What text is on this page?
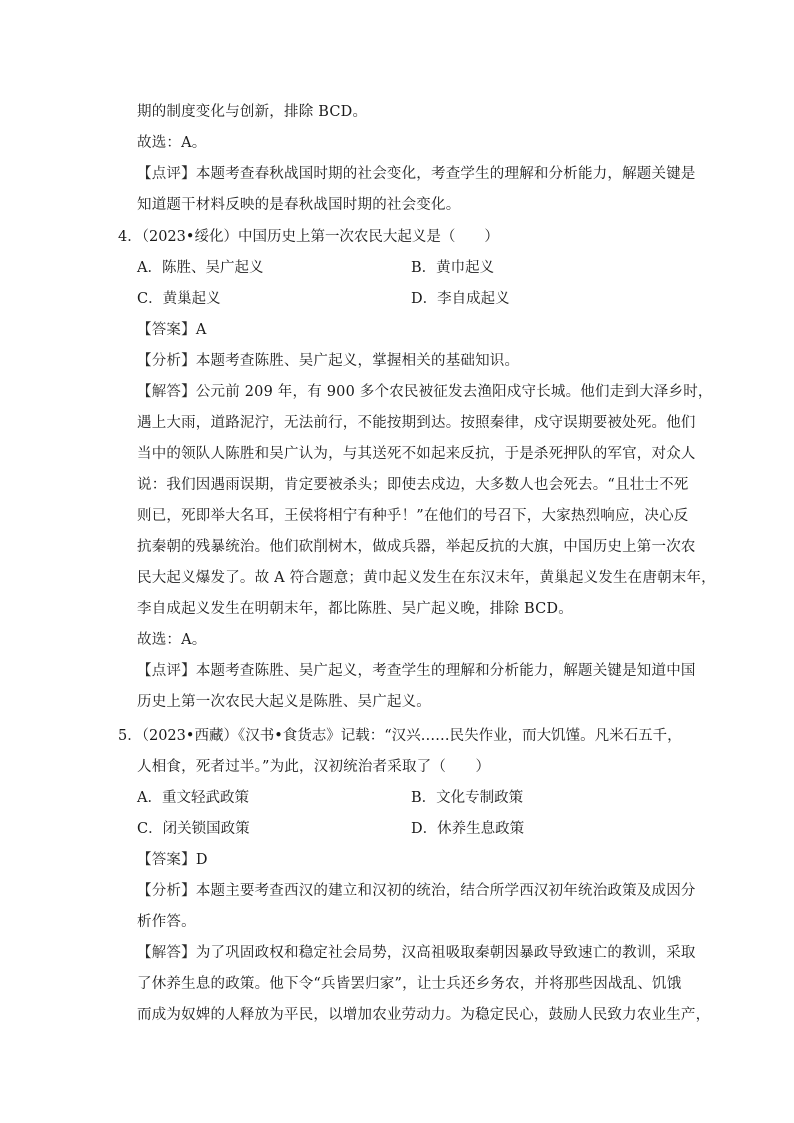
期的制度变化与创新，排除 BCD。
故选：A。
【点评】本题考查春秋战国时期的社会变化，考查学生的理解和分析能力，解题关键是
知道题干材料反映的是春秋战国时期的社会变化。
4．（2023•绥化）中国历史上第一次农民大起义是（　　）
A．陈胜、吴广起义	B．黄巾起义
C．黄巢起义	D．李自成起义
【答案】A
【分析】本题考查陈胜、吴广起义，掌握相关的基础知识。
【解答】公元前 209 年，有 900 多个农民被征发去渔阳戍守长城。他们走到大泽乡时，
遇上大雨，道路泥泞，无法前行，不能按期到达。按照秦律，戍守误期要被处死。他们
当中的领队人陈胜和吴广认为，与其送死不如起来反抗，于是杀死押队的军官，对众人
说：我们因遇雨误期，肯定要被杀头；即使去戍边，大多数人也会死去。“且壮士不死
则已，死即举大名耳，王侯将相宁有种乎！”在他们的号召下，大家热烈响应，决心反
抗秦朝的残暴统治。他们砍削树木，做成兵器，举起反抗的大旗，中国历史上第一次农
民大起义爆发了。故 A 符合题意；黄巾起义发生在东汉末年，黄巢起义发生在唐朝末年，
李自成起义发生在明朝末年，都比陈胜、吴广起义晚，排除 BCD。
故选：A。
【点评】本题考查陈胜、吴广起义，考查学生的理解和分析能力，解题关键是知道中国
历史上第一次农民大起义是陈胜、吴广起义。
5．（2023•西藏）《汉书•食货志》记载：“汉兴……民失作业，而大饥馑。凡米石五千，
人相食，死者过半。”为此，汉初统治者采取了（　　）
A．重文轻武政策	B．文化专制政策
C．闭关锁国政策	D．休养生息政策
【答案】D
【分析】本题主要考查西汉的建立和汉初的统治，结合所学西汉初年统治政策及成因分
析作答。
【解答】为了巩固政权和稳定社会局势，汉高祖吸取秦朝因暴政导致速亡的教训，采取
了休养生息的政策。他下令“兵皆罢归家”，让士兵还乡务农，并将那些因战乱、饥饿
而成为奴婢的人释放为平民，以增加农业劳动力。为稳定民心，鼓励人民致力农业生产，
